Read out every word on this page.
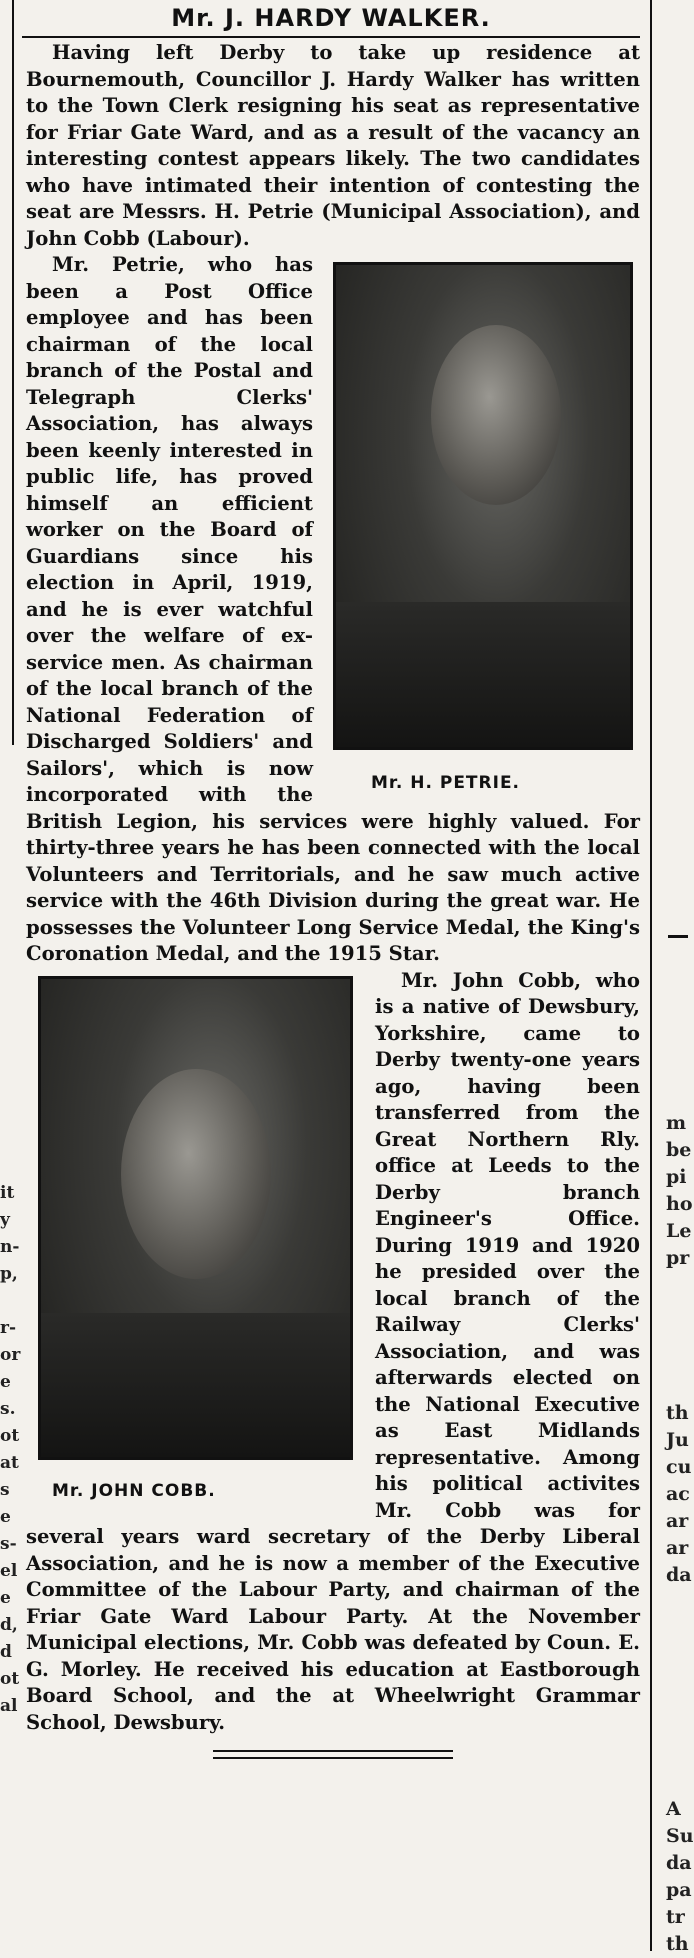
Mr. J. HARDY WALKER.

Having left Derby to take up residence at Bournemouth, Councillor J. Hardy Walker has written to the Town Clerk resigning his seat as representative for Friar Gate Ward, and as a result of the vacancy an interesting contest appears likely. The two candidates who have intimated their intention of contesting the seat are Messrs. H. Petrie (Municipal Association), and John Cobb (Labour).

Mr. H. PETRIE.

Mr. Petrie, who has been a Post Office employee and has been chairman of the local branch of the Postal and Telegraph Clerks' Association, has always been keenly interested in public life, has proved himself an efficient worker on the Board of Guardians since his election in April, 1919, and he is ever watchful over the welfare of ex-service men. As chairman of the local branch of the National Federation of Discharged Soldiers' and Sailors', which is now incorporated with the British Legion, his services were highly valued. For thirty-three years he has been connected with the local Volunteers and Territorials, and he saw much active service with the 46th Division during the great war. He possesses the Volunteer Long Service Medal, the King's Coronation Medal, and the 1915 Star.

Mr. JOHN COBB.

Mr. John Cobb, who is a native of Dewsbury, Yorkshire, came to Derby twenty-one years ago, having been transferred from the Great Northern Rly. office at Leeds to the Derby branch Engineer's Office. During 1919 and 1920 he presided over the local branch of the Railway Clerks' Association, and was afterwards elected on the National Executive as East Midlands representative. Among his political activites Mr. Cobb was for several years ward secretary of the Derby Liberal Association, and he is now a member of the Executive Committee of the Labour Party, and chairman of the Friar Gate Ward Labour Party. At the November Municipal elections, Mr. Cobb was defeated by Coun. E. G. Morley. He received his education at Eastborough Board School, and the at Wheelwright Grammar School, Dewsbury.

m
be
pi
ho
Le
pr
th
Ju
cu
ac
ar
ar
da
A
Su
da
pa
tr
th
it
y
n-
p,

r-
or
e
s.
ot
at
s
e
s-
el
e
d,
d
ot
al
